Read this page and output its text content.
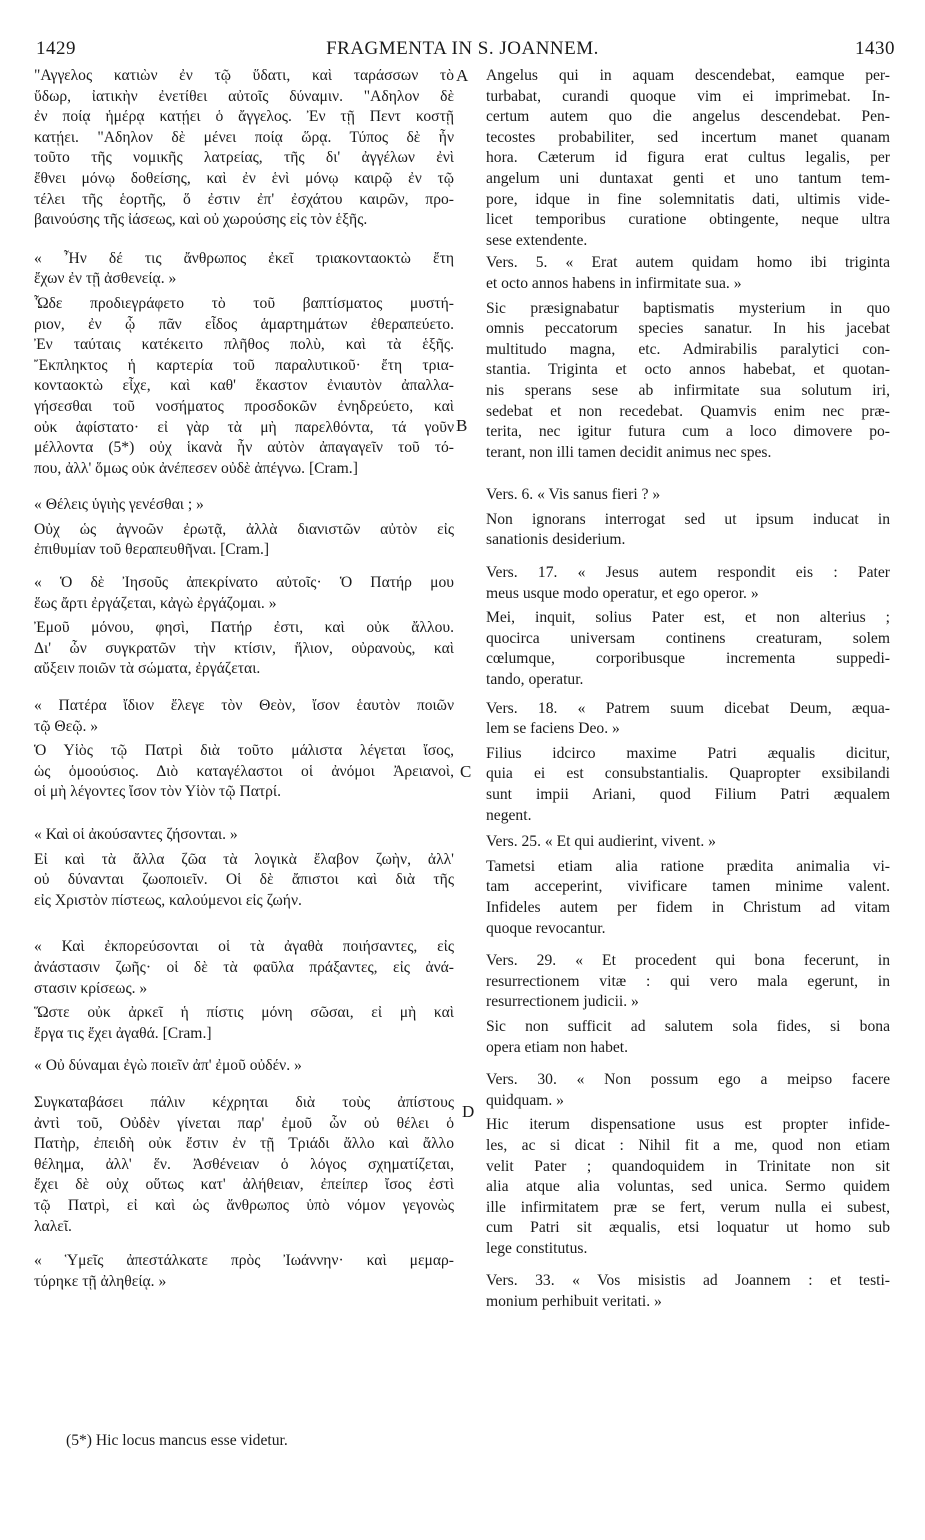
1429	FRAGMENTA IN S. JOANNEM.	1430
"Αγγελος κατιὼν ἐν τῷ ὕδατι, καὶ ταράσσων τὸ
ὕδωρ, ἰατικὴν ἐνετίθει αὐτοῖς δύναμιν. "Αδηλον δὲ
ἐν ποίᾳ ἡμέρᾳ κατῄει ὁ ἄγγελος. Ἐν τῇ Πεντ κοστῇ
κατῄει. "Αδηλον δὲ μένει ποίᾳ ὥρᾳ. Τύπος δὲ ἦν
τοῦτο τῆς νομικῆς λατρείας, τῆς δι' ἀγγέλων ἐνὶ
ἔθνει μόνῳ δοθείσης, καὶ ἐν ἑνὶ μόνῳ καιρῷ ἐν τῷ
τέλει τῆς ἑορτῆς, ὅ ἐστιν ἐπ' ἐσχάτου καιρῶν, προ-
βαινούσης τῆς ἰάσεως, καὶ οὐ χωρούσης εἰς τὸν ἑξῆς.
« Ἦν δέ τις ἄνθρωπος ἐκεῖ τριακονταοκτὼ ἔτη
ἔχων ἐν τῇ ἀσθενείᾳ. »
Ὧδε προδιεγράφετο τὸ τοῦ βαπτίσματος μυστή-
ριον, ἐν ᾧ πᾶν εἶδος ἁμαρτημάτων ἐθεραπεύετο.
Ἐν ταύταις κατέκειτο πλῆθος πολὺ, καὶ τὰ ἑξῆς.
Ἔκπληκτος ἡ καρτερία τοῦ παραλυτικοῦ· ἔτη τρια-
κονταοκτὼ εἶχε, καὶ καθ' ἕκαστον ἐνιαυτὸν ἀπαλλα-
γήσεσθαι τοῦ νοσήματος προσδοκῶν ἐνηδρεύετο, καὶ
οὐκ ἀφίστατο· εἰ γὰρ τὰ μὴ παρελθόντα, τά γοῦν
μέλλοντα (5*) οὐχ ἱκανὰ ἦν αὐτὸν ἀπαγαγεῖν τοῦ τό-
που, ἀλλ' ὅμως οὐκ ἀνέπεσεν οὐδὲ ἀπέγνω. [Cram.]
« Θέλεις ὑγιὴς γενέσθαι ; »
Οὐχ ὡς ἀγνοῶν ἐρωτᾷ, ἀλλὰ διανιστῶν αὐτὸν εἰς
ἐπιθυμίαν τοῦ θεραπευθῆναι. [Cram.]
« Ὁ δὲ Ἰησοῦς ἀπεκρίνατο αὐτοῖς· Ὁ Πατήρ μου
ἕως ἄρτι ἐργάζεται, κἀγὼ ἐργάζομαι. »
Ἐμοῦ μόνου, φησὶ, Πατήρ ἐστι, καὶ οὐκ ἄλλου.
Δι' ὧν συγκρατῶν τὴν κτίσιν, ἥλιον, οὐρανοὺς, καὶ
αὔξειν ποιῶν τὰ σώματα, ἐργάζεται.
« Πατέρα ἴδιον ἔλεγε τὸν Θεὸν, ἴσον ἑαυτὸν ποιῶν
τῷ Θεῷ. »
Ὁ Υἱὸς τῷ Πατρὶ διὰ τοῦτο μάλιστα λέγεται ἴσος,
ὡς ὁμοούσιος. Διὸ καταγέλαστοι οἱ ἀνόμοι Ἀρειανοὶ,
οἱ μὴ λέγοντες ἴσον τὸν Υἱὸν τῷ Πατρί.
« Καὶ οἱ ἀκούσαντες ζήσονται. »
Εἰ καὶ τὰ ἄλλα ζῶα τὰ λογικὰ ἔλαβον ζωὴν, ἀλλ'
οὐ δύνανται ζωοποιεῖν. Οἱ δὲ ἄπιστοι καὶ διὰ τῆς
εἰς Χριστὸν πίστεως, καλούμενοι εἰς ζωήν.
« Καὶ ἐκπορεύσονται οἱ τὰ ἀγαθὰ ποιήσαντες, εἰς
ἀνάστασιν ζωῆς· οἱ δὲ τὰ φαῦλα πράξαντες, εἰς ἀνά-
στασιν κρίσεως. »
Ὥστε οὐκ ἀρκεῖ ἡ πίστις μόνη σῶσαι, εἰ μὴ καὶ
ἔργα τις ἔχει ἀγαθά. [Cram.]
« Οὐ δύναμαι ἐγὼ ποιεῖν ἀπ' ἐμοῦ οὐδέν. »
Συγκαταβάσει πάλιν κέχρηται διὰ τοὺς ἀπίστους
ἀντὶ τοῦ, Οὐδὲν γίνεται παρ' ἐμοῦ ὧν οὐ θέλει ὁ
Πατὴρ, ἐπειδὴ οὐκ ἔστιν ἐν τῇ Τριάδι ἄλλο καὶ ἄλλο
θέλημα, ἀλλ' ἕν. Ἀσθένειαν ὁ λόγος σχηματίζεται,
ἔχει δὲ οὐχ οὕτως κατ' ἀλήθειαν, ἐπείπερ ἴσος ἐστὶ
τῷ Πατρὶ, εἰ καὶ ὡς ἄνθρωπος ὑπὸ νόμον γεγονὼς
λαλεῖ.
« Ὑμεῖς ἀπεστάλκατε πρὸς Ἰωάννην· καὶ μεμαρ-
τύρηκε τῇ ἀληθείᾳ. »
Angelus qui in aquam descendebat, eamque per-
turbabat, curandi quoque vim ei imprimebat. In-
certum autem quo die angelus descendebat. Pen-
tecostes probabiliter, sed incertum manet quanam
hora. Cæterum id figura erat cultus legalis, per
angelum uni duntaxat genti et uno tantum tem-
pore, idque in fine solemnitatis dati, ultimis vide-
licet temporibus curatione obtingente, neque ultra
sese extendente.
Vers. 5. « Erat autem quidam homo ibi triginta
et octo annos habens in infirmitate sua. »
Sic præsignabatur baptismatis mysterium in quo
omnis peccatorum species sanatur. In his jacebat
multitudo magna, etc. Admirabilis paralytici con-
stantia. Triginta et octo annos habebat, et quotan-
nis sperans sese ab infirmitate sua solutum iri,
sedebat et non recedebat. Quamvis enim nec præ-
terita, nec igitur futura cum a loco dimovere po-
terant, non illi tamen decidit animus nec spes.
Vers. 6. « Vis sanus fieri ? »
Non ignorans interrogat sed ut ipsum inducat in
sanationis desiderium.
Vers. 17. « Jesus autem respondit eis : Pater
meus usque modo operatur, et ego operor. »
Mei, inquit, solius Pater est, et non alterius ;
quocirca universam continens creaturam, solem
cœlumque, corporibusque incrementa suppedi-
tando, operatur.
Vers. 18. « Patrem suum dicebat Deum, æqua-
lem se faciens Deo. »
Filius idcirco maxime Patri æqualis dicitur,
quia ei est consubstantialis. Quapropter exsibilandi
sunt impii Ariani, quod Filium Patri æqualem
negent.
Vers. 25. « Et qui audierint, vivent. »
Tametsi etiam alia ratione prædita animalia vi-
tam acceperint, vivificare tamen minime valent.
Infideles autem per fidem in Christum ad vitam
quoque revocantur.
Vers. 29. « Et procedent qui bona fecerunt, in
resurrectionem vitæ : qui vero mala egerunt, in
resurrectionem judicii. »
Sic non sufficit ad salutem sola fides, si bona
opera etiam non habet.
Vers. 30. « Non possum ego a meipso facere
quidquam. »
Hic iterum dispensatione usus est propter infide-
les, ac si dicat : Nihil fit a me, quod non etiam
velit Pater ; quandoquidem in Trinitate non sit
alia atque alia voluntas, sed unica. Sermo quidem
ille infirmitatem præ se fert, verum nulla ei subest,
cum Patri sit æqualis, etsi loquatur ut homo sub
lege constitutus.
Vers. 33. « Vos misistis ad Joannem : et testi-
monium perhibuit veritati. »
A
B
C
D
(5*) Hic locus mancus esse videtur.
